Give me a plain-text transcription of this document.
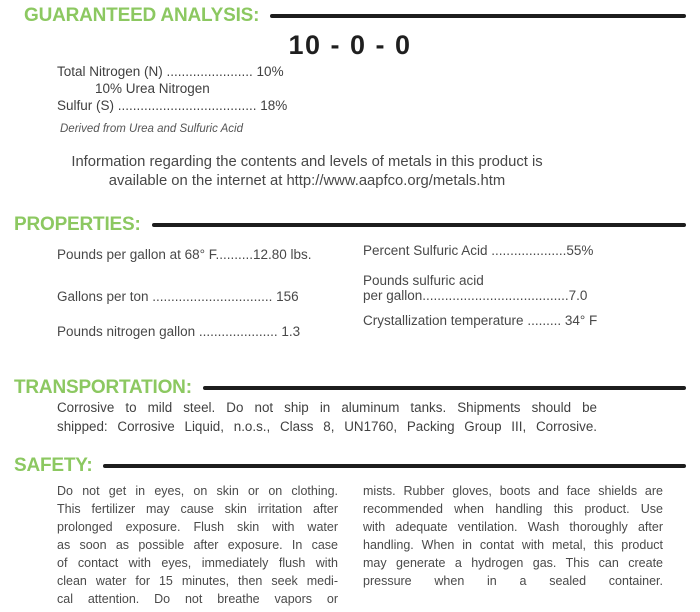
GUARANTEED ANALYSIS:
10 - 0 - 0
Total Nitrogen (N) ....................... 10%
10% Urea Nitrogen
Sulfur (S) ..................................... 18%
Derived from Urea and Sulfuric Acid
Information regarding the contents and levels of metals in this product is
available on the internet at http://www.aapfco.org/metals.htm
PROPERTIES:
Pounds per gallon at 68° F..........12.80 lbs.
Gallons per ton ................................ 156
Pounds nitrogen gallon ..................... 1.3
Percent Sulfuric Acid ....................55%
Pounds sulfuric acid
per gallon.......................................7.0
Crystallization temperature ......... 34° F
TRANSPORTATION:
Corrosive to mild steel. Do not ship in aluminum tanks. Shipments should be
shipped: Corrosive Liquid, n.o.s., Class 8, UN1760, Packing Group III, Corrosive.
SAFETY:
Do not get in eyes, on skin or on clothing.
This fertilizer may cause skin irritation after
prolonged exposure. Flush skin with water
as soon as possible after exposure. In case
of contact with eyes, immediately flush with
clean water for 15 minutes, then seek medi-
cal attention. Do not breathe vapors or
mists. Rubber gloves, boots and face shields are
recommended when handling this product. Use
with adequate ventilation. Wash thoroughly after
handling. When in contat with metal, this product
may generate a hydrogen gas. This can create
pressure when in a sealed container.
